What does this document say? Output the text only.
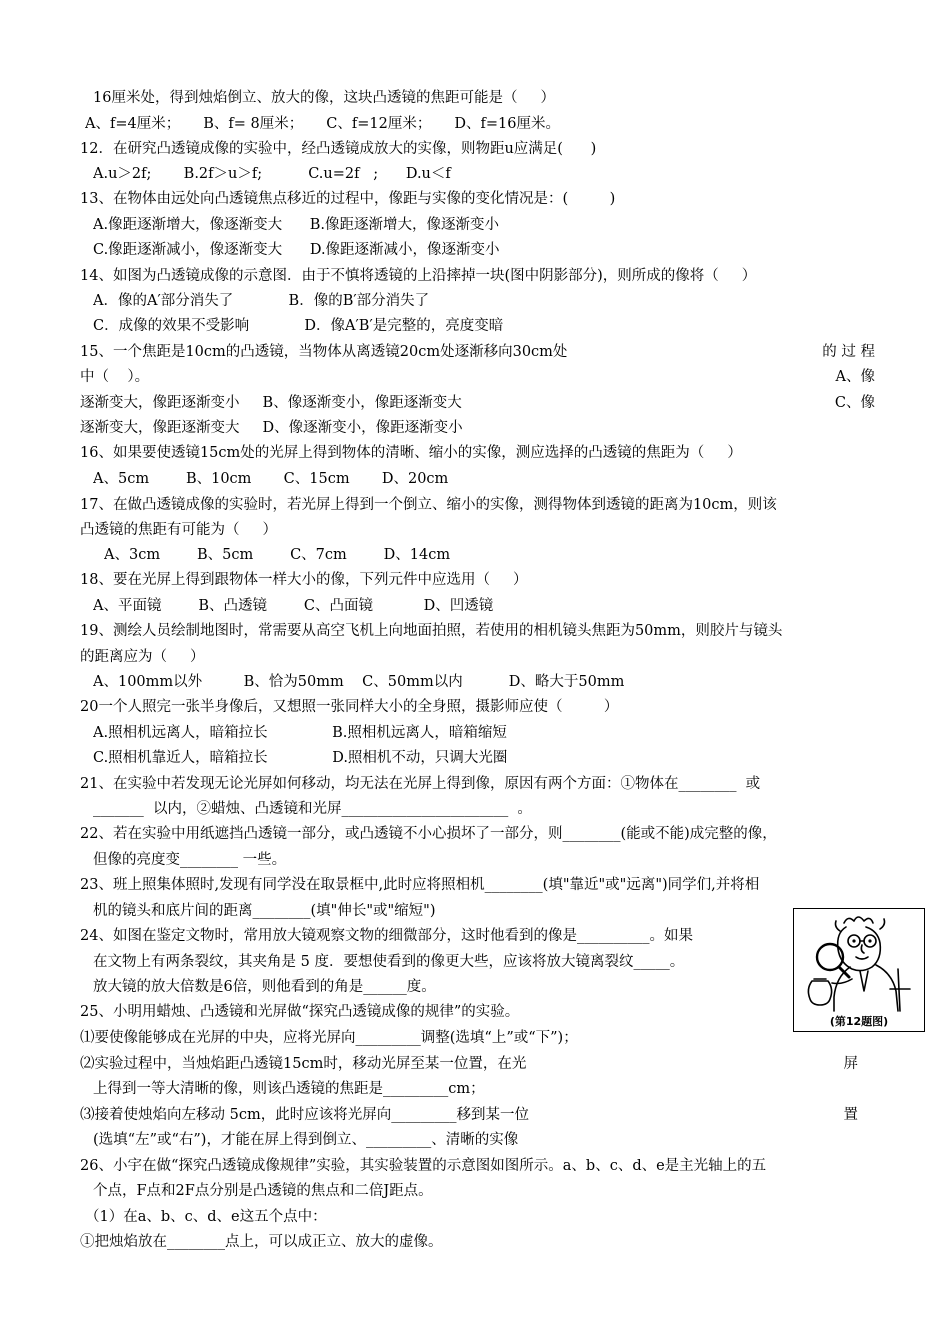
16厘米处，得到烛焰倒立、放大的像，这块凸透镜的焦距可能是（     ）
A、f=4厘米；     B、f= 8厘米；     C、f=12厘米；     D、f=16厘米。
12．在研究凸透镜成像的实验中，经凸透镜成放大的实像，则物距u应满足(      )
A.u＞2f;       B.2f＞u＞f;          C.u=2f   ;      D.u＜f
13、在物体由远处向凸透镜焦点移近的过程中，像距与实像的变化情况是：(         )
A.像距逐渐增大，像逐渐变大      B.像距逐渐增大，像逐渐变小
C.像距逐渐减小，像逐渐变大      D.像距逐渐减小，像逐渐变小
14、如图为凸透镜成像的示意图．由于不慎将透镜的上沿摔掉一块(图中阴影部分)，则所成的像将（     ）
A．像的A′部分消失了            B．像的B′部分消失了
C．成像的效果不受影响            D．像A′B′是完整的，亮度变暗
15、一个焦距是10cm的凸透镜，当物体从离透镜20cm处逐渐移向30cm处	的 过 程
中（    ）。	A、像
逐渐变大，像距逐渐变小     B、像逐渐变小，像距逐渐变大	C、像
逐渐变大，像距逐渐变大     D、像逐渐变小，像距逐渐变小
16、如果要使透镜15cm处的光屏上得到物体的清晰、缩小的实像，测应选择的凸透镜的焦距为（     ）
A、5cm        B、10cm       C、15cm       D、20cm
17、在做凸透镜成像的实验时，若光屏上得到一个倒立、缩小的实像，测得物体到透镜的距离为10cm，则该
凸透镜的焦距有可能为（     ）
A、3cm        B、5cm        C、7cm        D、14cm
18、要在光屏上得到跟物体一样大小的像，下列元件中应选用（     ）
A、平面镜        B、凸透镜        C、凸面镜           D、凹透镜
19、测绘人员绘制地图时，常需要从高空飞机上向地面拍照，若使用的相机镜头焦距为50mm，则胶片与镜头
的距离应为（     ）
A、100mm以外         B、恰为50mm    C、50mm以内          D、略大于50mm
20一个人照完一张半身像后，又想照一张同样大小的全身照，摄影师应使（         ）
A.照相机远离人，暗箱拉长              B.照相机远离人，暗箱缩短
C.照相机靠近人，暗箱拉长              D.照相机不动，只调大光圈
21、在实验中若发现无论光屏如何移动，均无法在光屏上得到像，原因有两个方面：①物体在________  或
_______  以内，②蜡烛、凸透镜和光屏_______________________  。
22、若在实验中用纸遮挡凸透镜一部分，或凸透镜不小心损坏了一部分，则________(能或不能)成完整的像，
但像的亮度变________ 一些。
23、班上照集体照时,发现有同学没在取景框中,此时应将照相机________(填"靠近"或"远离")同学们,并将相
机的镜头和底片间的距离________(填"伸长"或"缩短")
24、如图在鉴定文物时，常用放大镜观察文物的细微部分，这时他看到的像是__________。如果
在文物上有两条裂纹，其夹角是 5 度．要想使看到的像更大些，应该将放大镜离裂纹_____。
放大镜的放大倍数是6倍，则他看到的角是______度。
25、小明用蜡烛、凸透镜和光屏做“探究凸透镜成像的规律”的实验。
⑴要使像能够成在光屏的中央，应将光屏向_________调整(选填“上”或“下”)；
⑵实验过程中，当烛焰距凸透镜15cm时，移动光屏至某一位置，在光	屏
上得到一等大清晰的像，则该凸透镜的焦距是_________cm；
⑶接着使烛焰向左移动 5cm，此时应该将光屏向_________移到某一位	置
(选填“左”或“右”)，才能在屏上得到倒立、_________、清晰的实像
26、小宇在做“探究凸透镜成像规律”实验，其实验装置的示意图如图所示。a、b、c、d、e是主光轴上的五
个点，F点和2F点分别是凸透镜的焦点和二倍J距点。
（1）在a、b、c、d、e这五个点中：
①把烛焰放在________点上，可以成正立、放大的虚像。
(第12题图)
